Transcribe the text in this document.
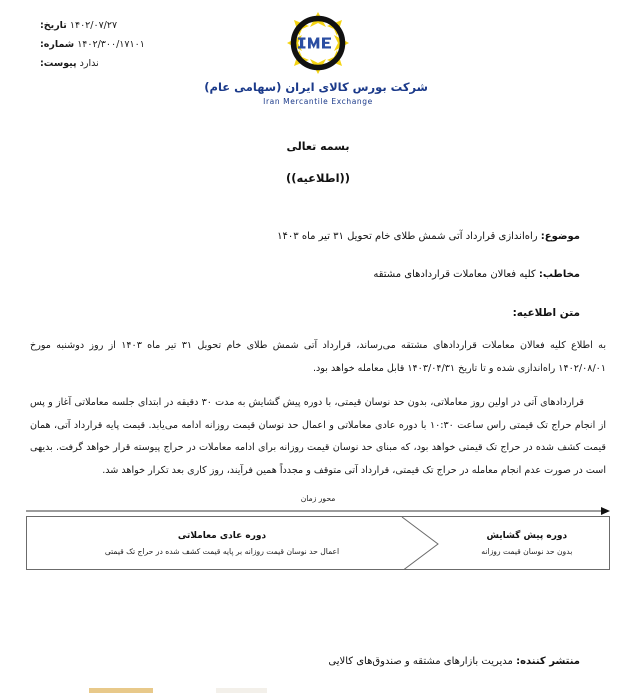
۱۴۰۲/۰۷/۲۷ تاریخ:
۱۴۰۲/۳۰۰/۱۷۱۰۱ شماره:
ندارد پیوست:
شرکت بورس کالای ایران (سهامی عام)
Iran Mercantile Exchange
بسمه تعالی
((اطلاعیه))
موضوع: راه‌اندازی قرارداد آتی شمش طلای خام تحویل ۳۱ تیر ماه ۱۴۰۳
مخاطب: کلیه فعالان معاملات قراردادهای مشتقه
متن اطلاعیه:

به اطلاع کلیه فعالان معاملات قراردادهای مشتقه می‌رساند، قرارداد آتی شمش طلای خام تحویل ۳۱ تیر ماه ۱۴۰۳ از روز دوشنبه مورخ ۱۴۰۲/۰۸/۰۱ راه‌اندازی شده و تا تاریخ ۱۴۰۳/۰۴/۳۱ قابل معامله خواهد بود.

قراردادهای آتی در اولین روز معاملاتی، بدون حد نوسان قیمتی، با دوره پیش گشایش به مدت ۳۰ دقیقه در ابتدای جلسه معاملاتی آغاز و پس از انجام حراج تک قیمتی راس ساعت ۱۰:۳۰ با دوره عادی معاملاتی و اعمال حد نوسان قیمت روزانه ادامه می‌یابد. قیمت پایه قرارداد آتی، همان قیمت کشف شده در حراج تک قیمتی خواهد بود، که مبنای حد نوسان قیمت روزانه برای ادامه معاملات در حراج پیوسته قرار خواهد گرفت. بدیهی است در صورت عدم انجام معامله در حراج تک قیمتی، قرارداد آتی متوقف و مجدداً همین فرآیند، روز کاری بعد تکرار خواهد شد.

محور زمان
دوره پیش گشایش
بدون حد نوسان قیمت روزانه
دوره عادی معاملاتی
اعمال حد نوسان قیمت روزانه بر پایه قیمت کشف شده در حراج تک قیمتی
منتشر کننده: مدیریت بازارهای مشتقه و صندوق‌های کالایی
